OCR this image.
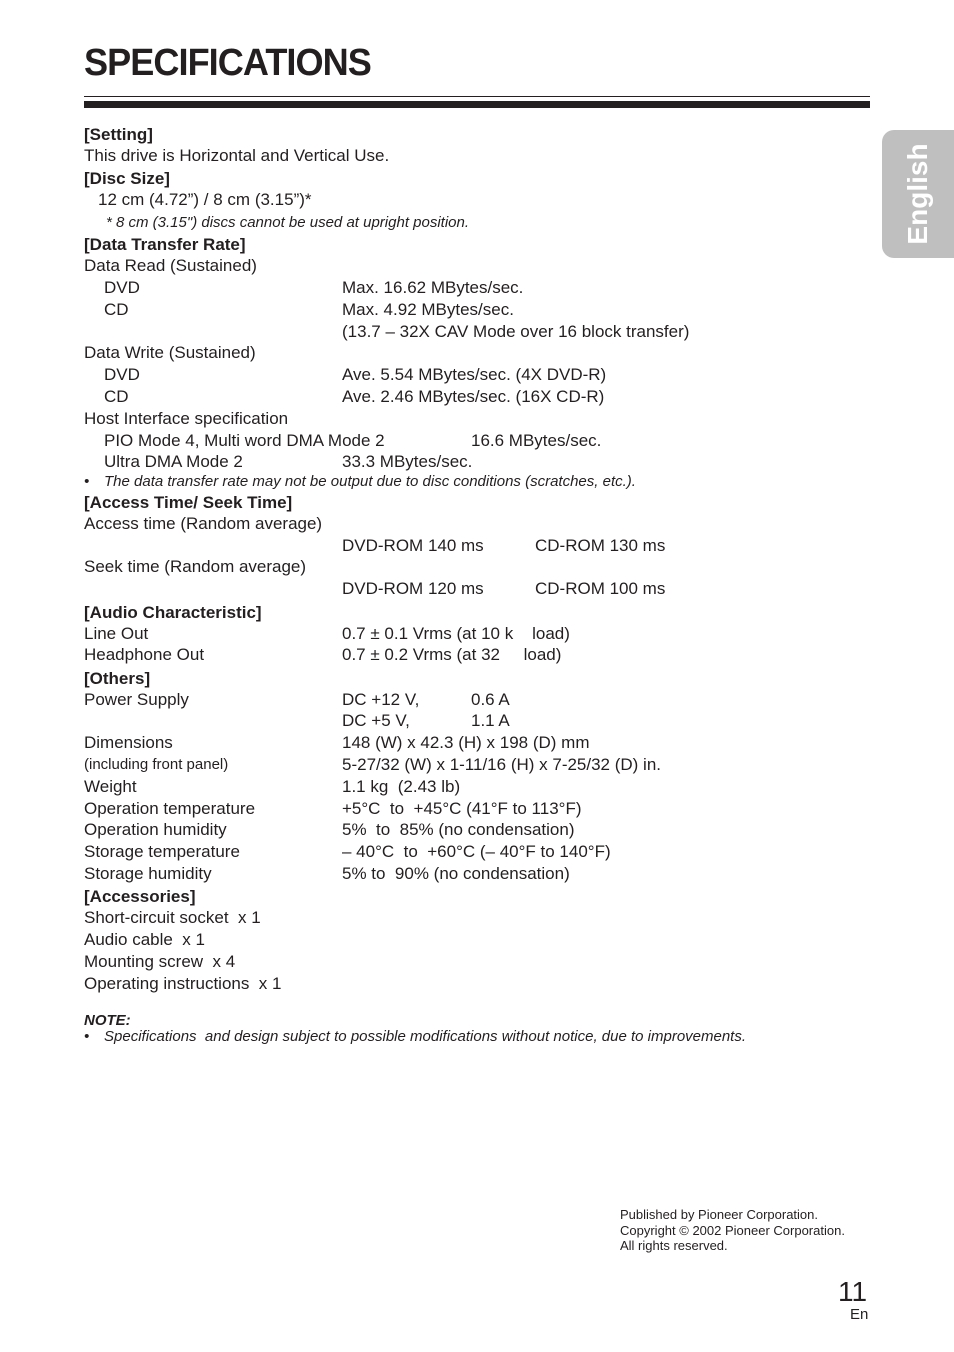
SPECIFICATIONS
English
[Setting]
This drive is Horizontal and Vertical Use.
[Disc Size]
12 cm (4.72”) / 8 cm (3.15”)*
* 8 cm (3.15") discs cannot be used at upright position.
[Data Transfer Rate]
Data Read (Sustained)
DVD	Max. 16.62 MBytes/sec.
CD	Max. 4.92 MBytes/sec.
(13.7 – 32X CAV Mode over 16 block transfer)
Data Write (Sustained)
DVD	Ave. 5.54 MBytes/sec. (4X DVD-R)
CD	Ave. 2.46 MBytes/sec. (16X CD-R)
Host Interface specification
PIO Mode 4, Multi word DMA Mode 2	16.6 MBytes/sec.
Ultra DMA Mode 2	33.3 MBytes/sec.
• The data transfer rate may not be output due to disc conditions (scratches, etc.).
[Access Time/ Seek Time]
Access time (Random average)
DVD-ROM 140 ms	CD-ROM 130 ms
Seek time (Random average)
DVD-ROM 120 ms	CD-ROM 100 ms
[Audio Characteristic]
Line Out	0.7 ± 0.1 Vrms (at 10 k    load)
Headphone Out	0.7 ± 0.2 Vrms (at 32     load)
[Others]
Power Supply	DC +12 V,	0.6 A
DC +5 V,	1.1 A
Dimensions	148 (W) x 42.3 (H) x 198 (D) mm
(including front panel)	5-27/32 (W) x 1-11/16 (H) x 7-25/32 (D) in.
Weight	1.1 kg  (2.43 lb)
Operation temperature	+5°C  to  +45°C (41°F to 113°F)
Operation humidity	5%  to  85% (no condensation)
Storage temperature	– 40°C  to  +60°C (– 40°F to 140°F)
Storage humidity	5% to  90% (no condensation)
[Accessories]
Short-circuit socket  x 1
Audio cable  x 1
Mounting screw  x 4
Operating instructions  x 1
NOTE:
• Specifications  and design subject to possible modifications without notice, due to improvements.
Published by Pioneer Corporation.
Copyright © 2002 Pioneer Corporation.
All rights reserved.
11
En
